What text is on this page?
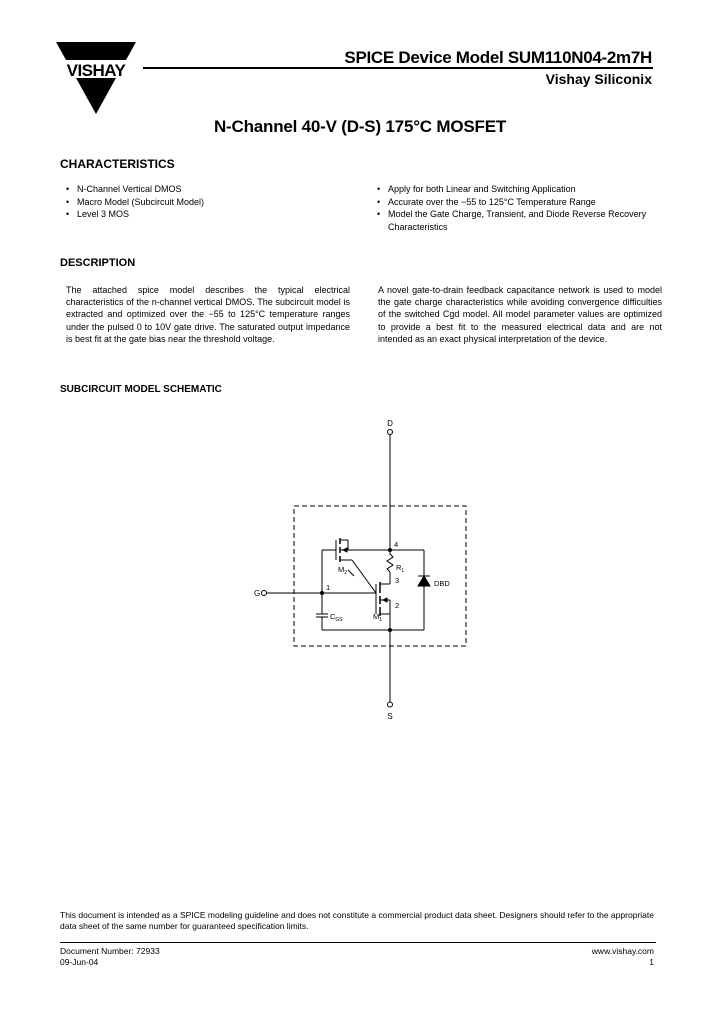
VISHAY
SPICE Device Model SUM110N04-2m7H
Vishay Siliconix
N-Channel 40-V (D-S) 175°C MOSFET
CHARACTERISTICS
• N-Channel Vertical DMOS
• Macro Model (Subcircuit Model)
• Level 3 MOS
• Apply for both Linear and Switching Application
• Accurate over the −55 to 125°C Temperature Range
• Model the Gate Charge, Transient, and Diode Reverse Recovery Characteristics
DESCRIPTION

The attached spice model describes the typical electrical characteristics of the n-channel vertical DMOS. The subcircuit model is extracted and optimized over the −55 to 125°C temperature ranges under the pulsed 0 to 10V gate drive. The saturated output impedance is best fit at the gate bias near the threshold voltage.

A novel gate-to-drain feedback capacitance network is used to model the gate charge characteristics while avoiding convergence difficulties of the switched Cgd model. All model parameter values are optimized to provide a best fit to the measured electrical data and are not intended as an exact physical interpretation of the device.

SUBCIRCUIT MODEL SCHEMATIC
D
4
$R_1$
3
2
$M_1$
G
1
$C_{GS}$
$M_2$
DBD
S

This document is intended as a SPICE modeling guideline and does not constitute a commercial product data sheet. Designers should refer to the appropriate data sheet of the same number for guaranteed specification limits.

Document Number: 72933
09-Jun-04
www.vishay.com
1
